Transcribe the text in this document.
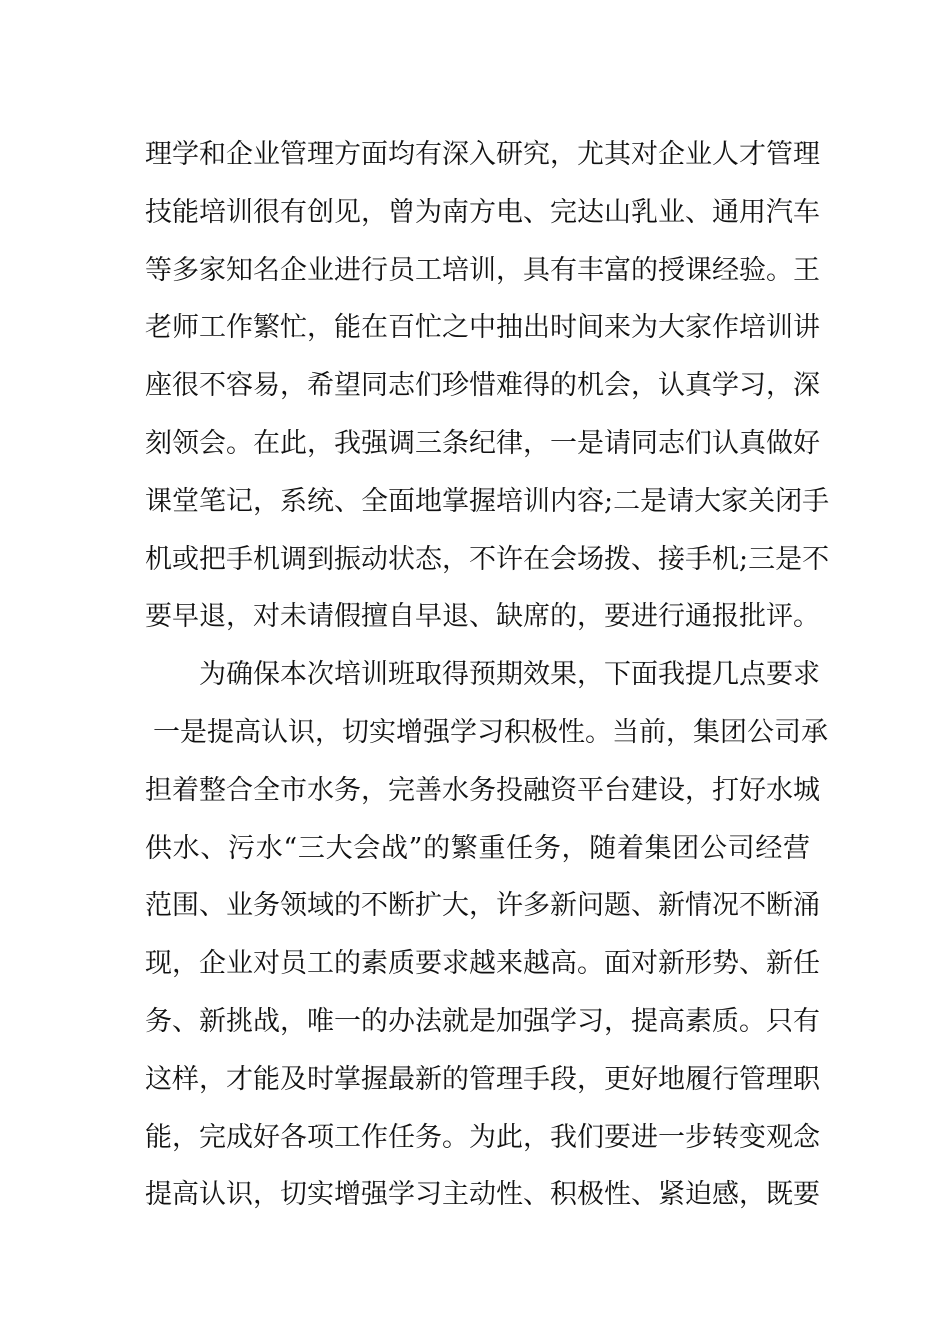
理学和企业管理方面均有深入研究，尤其对企业人才管理
技能培训很有创见，曾为南方电、完达山乳业、通用汽车
等多家知名企业进行员工培训，具有丰富的授课经验。王
老师工作繁忙，能在百忙之中抽出时间来为大家作培训讲
座很不容易，希望同志们珍惜难得的机会，认真学习，深
刻领会。在此，我强调三条纪律，一是请同志们认真做好
课堂笔记，系统、全面地掌握培训内容;二是请大家关闭手
机或把手机调到振动状态，不许在会场拨、接手机;三是不
要早退，对未请假擅自早退、缺席的，要进行通报批评。
为确保本次培训班取得预期效果，下面我提几点要求
一是提高认识，切实增强学习积极性。当前，集团公司承
担着整合全市水务，完善水务投融资平台建设，打好水城
供水、污水“三大会战”的繁重任务，随着集团公司经营
范围、业务领域的不断扩大，许多新问题、新情况不断涌
现，企业对员工的素质要求越来越高。面对新形势、新任
务、新挑战，唯一的办法就是加强学习，提高素质。只有
这样，才能及时掌握最新的管理手段，更好地履行管理职
能，完成好各项工作任务。为此，我们要进一步转变观念
提高认识，切实增强学习主动性、积极性、紧迫感，既要
